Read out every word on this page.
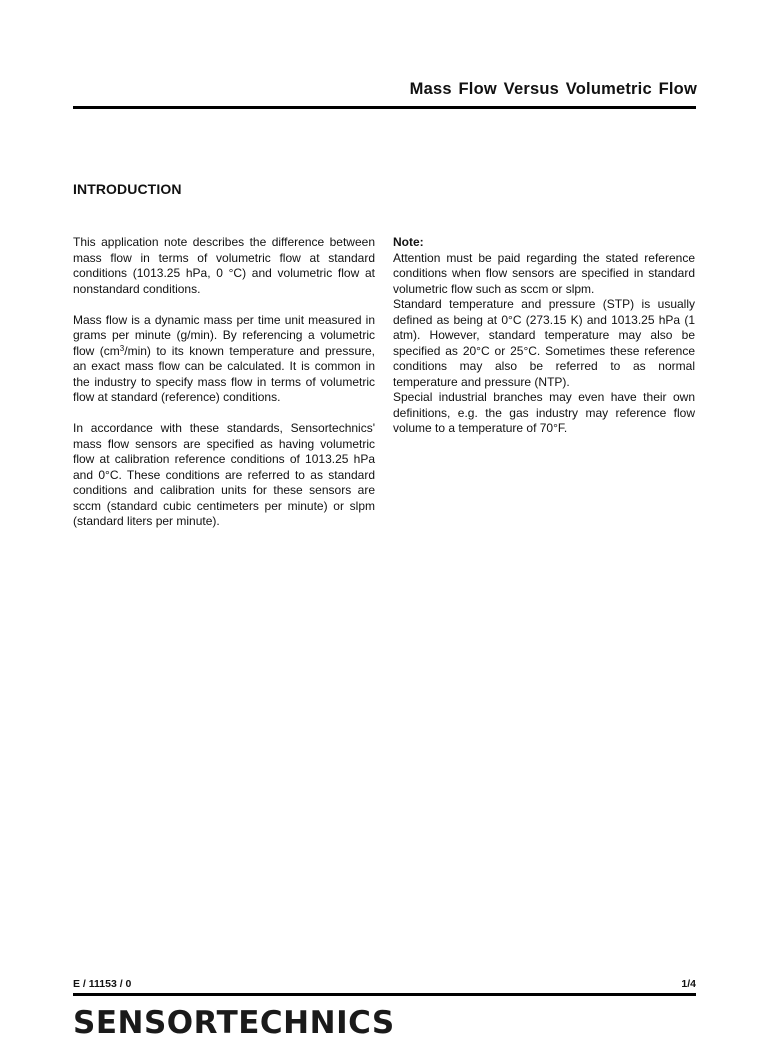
Mass Flow Versus Volumetric Flow
INTRODUCTION

This application note describes the difference between mass flow in terms of volumetric flow at standard conditions (1013.25 hPa, 0 °C) and volumetric flow at nonstandard conditions.

Mass flow is a dynamic mass per time unit measured in grams per minute (g/min). By referencing a volumetric flow $(cm^3/\min)$ to its known temperature and pressure, an exact mass flow can be calculated. It is common in the industry to specify mass flow in terms of volumetric flow at standard (reference) conditions.

In accordance with these standards, Sensortechnics' mass flow sensors are specified as having volumetric flow at calibration reference conditions of 1013.25 hPa and 0°C. These conditions are referred to as standard conditions and calibration units for these sensors are sccm (standard cubic centimeters per minute) or slpm (standard liters per minute).

Note:

Attention must be paid regarding the stated reference conditions when flow sensors are specified in standard volumetric flow such as sccm or slpm.

Standard temperature and pressure (STP) is usually defined as being at 0°C (273.15 K) and 1013.25 hPa (1 atm). However, standard temperature may also be specified as 20°C or 25°C. Sometimes these reference conditions may also be referred to as normal temperature and pressure (NTP).

Special industrial branches may even have their own definitions, e.g. the gas industry may reference flow volume to a temperature of 70°F.

E / 11153 / 0	1/4
SENSORTECHNICS
